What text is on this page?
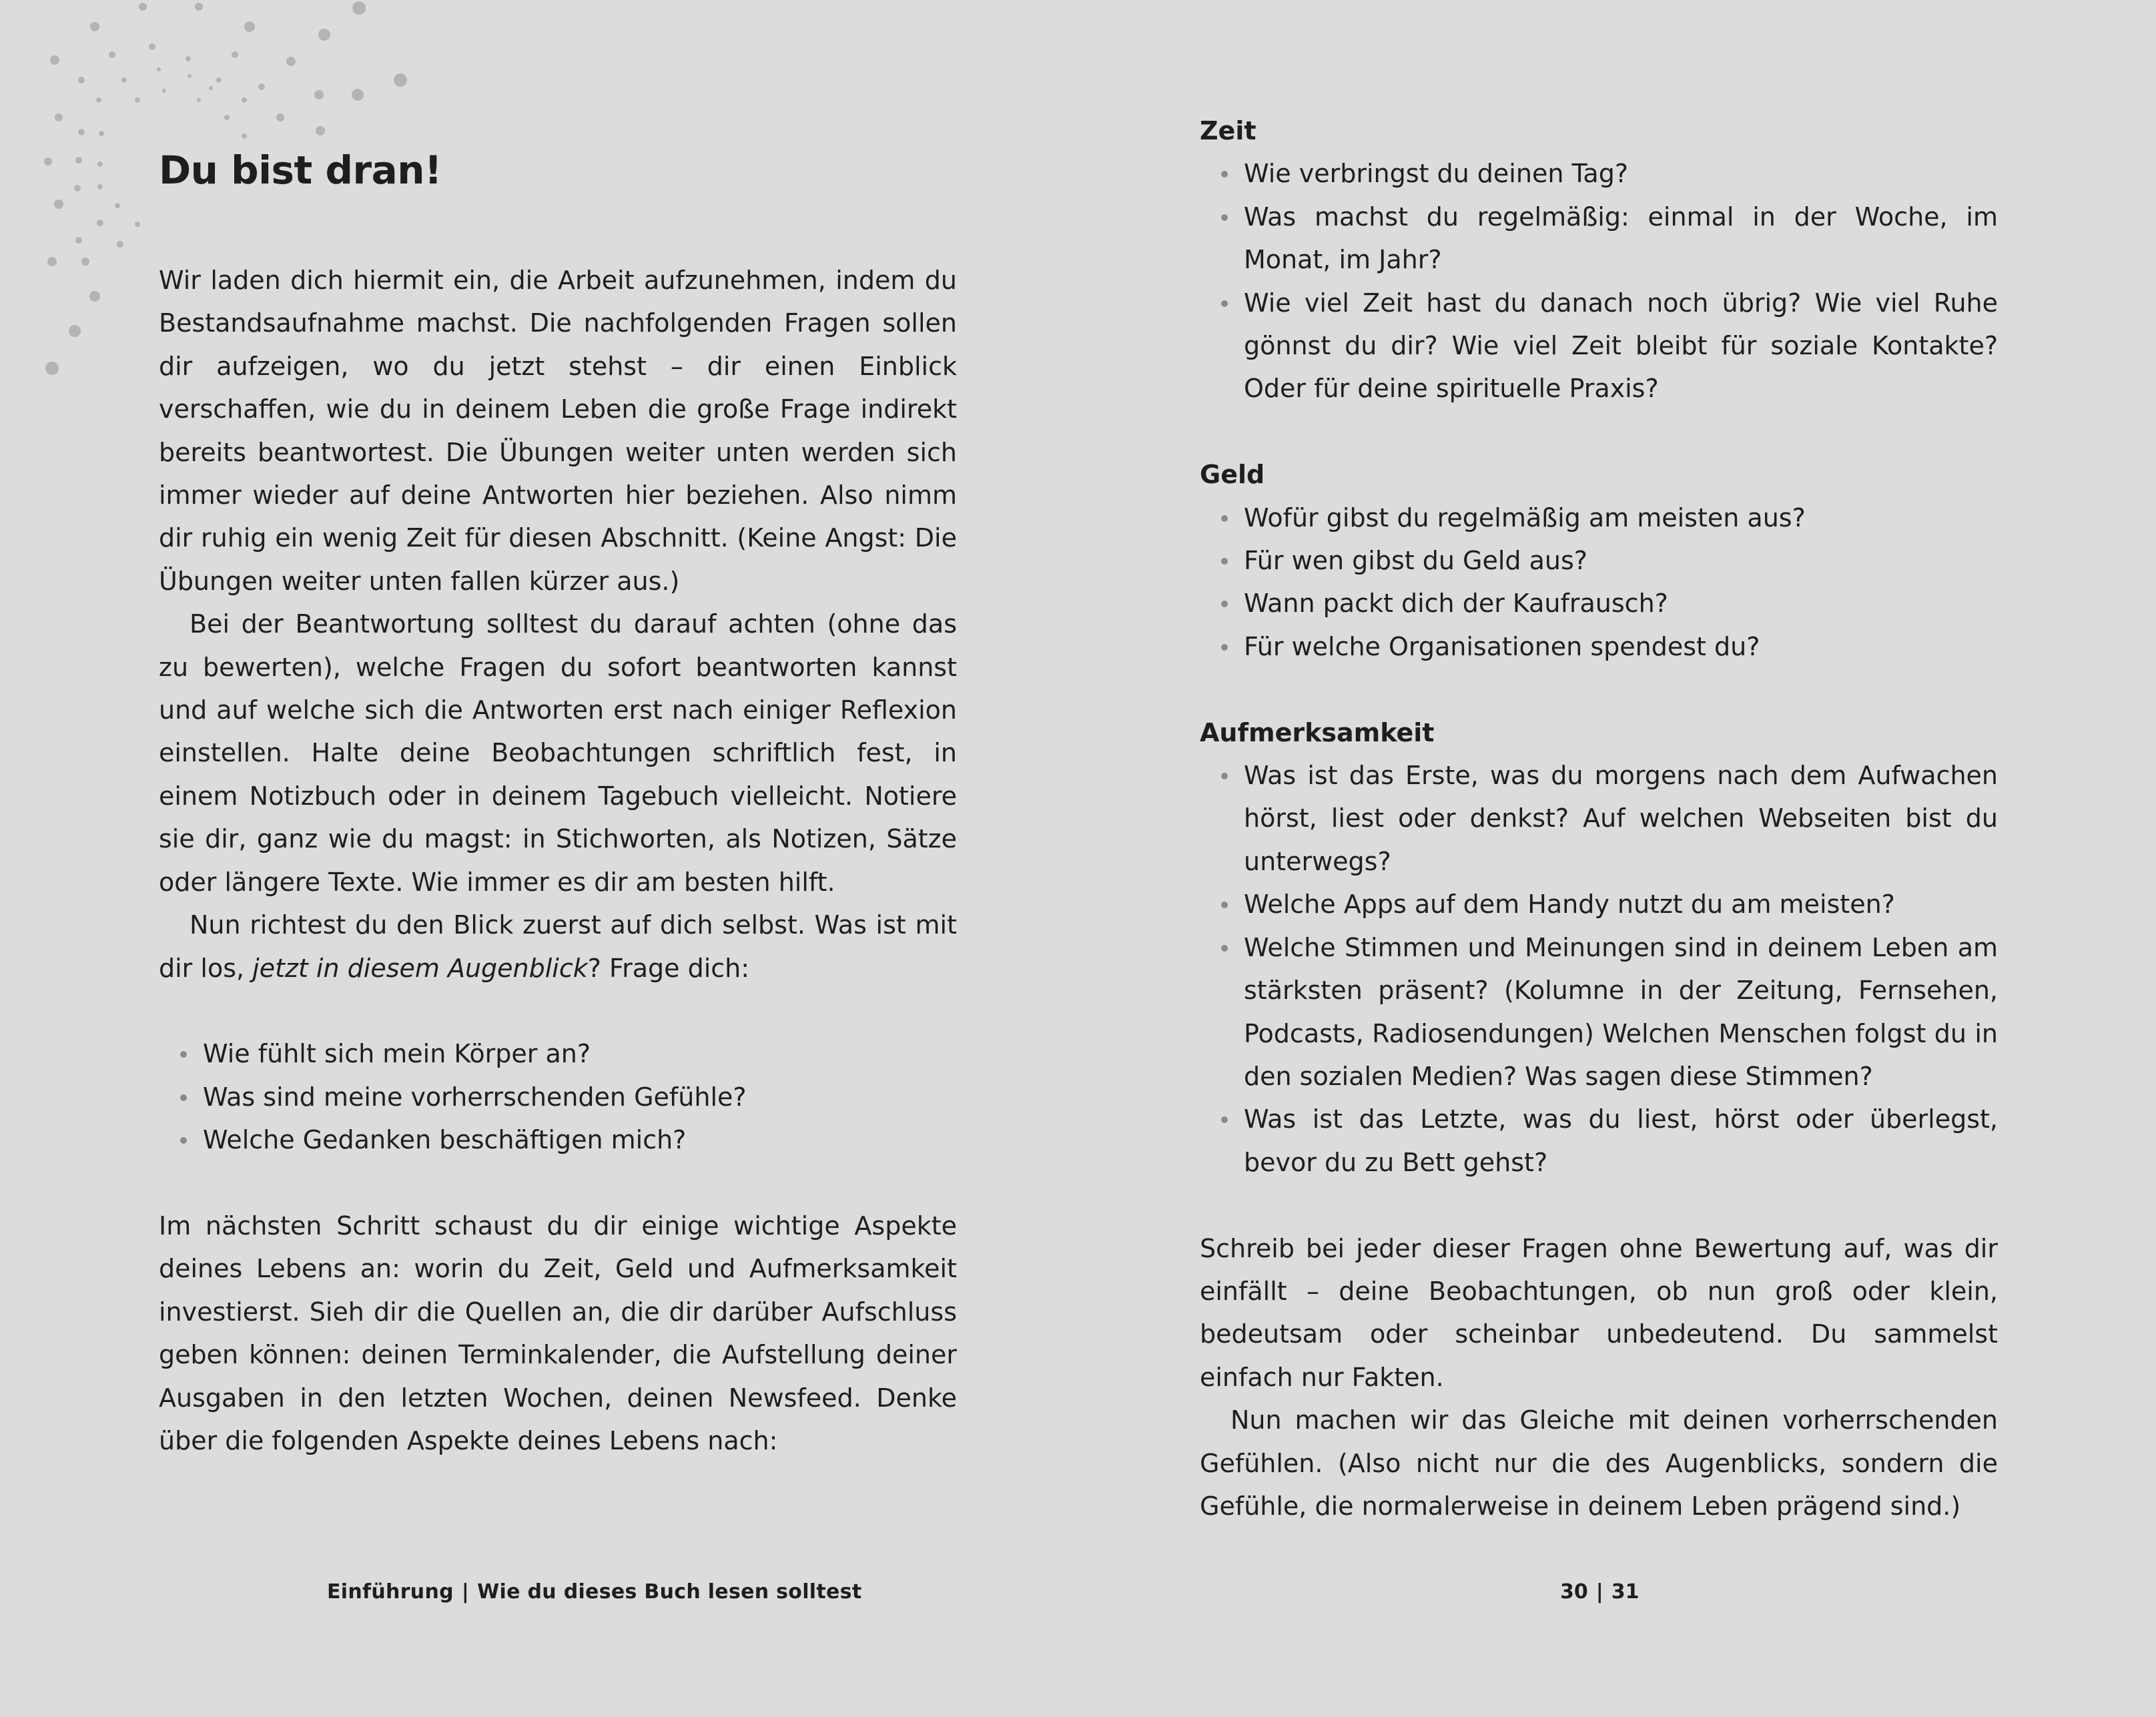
Du bist dran!

Wir laden dich hiermit ein, die Arbeit aufzunehmen, indem du Bestandsaufnahme machst. Die nachfolgenden Fragen sollen dir aufzeigen, wo du jetzt stehst – dir einen Einblick verschaffen, wie du in deinem Leben die große Frage indirekt bereits beantwortest. Die Übungen weiter unten werden sich immer wieder auf deine Antworten hier beziehen. Also nimm dir ruhig ein wenig Zeit für diesen Abschnitt. (Keine Angst: Die Übungen weiter unten fallen kürzer aus.)

Bei der Beantwortung solltest du darauf achten (ohne das zu bewerten), welche Fragen du sofort beantworten kannst und auf welche sich die Antworten erst nach einiger Reflexion einstellen. Halte deine Beobachtungen schriftlich fest, in einem Notizbuch oder in deinem Tagebuch vielleicht. Notiere sie dir, ganz wie du magst: in Stichworten, als Notizen, Sätze oder längere Texte. Wie immer es dir am besten hilft.

Nun richtest du den Blick zuerst auf dich selbst. Was ist mit dir los, jetzt in diesem Augenblick? Frage dich:

Wie fühlt sich mein Körper an?
Was sind meine vorherrschenden Gefühle?
Welche Gedanken beschäftigen mich?

Im nächsten Schritt schaust du dir einige wichtige Aspekte deines Lebens an: worin du Zeit, Geld und Aufmerksamkeit investierst. Sieh dir die Quellen an, die dir darüber Aufschluss geben können: deinen Terminkalender, die Aufstellung deiner Ausgaben in den letzten Wochen, deinen Newsfeed. Denke über die folgenden Aspekte deines Lebens nach:

Zeit

Wie verbringst du deinen Tag?
Was machst du regelmäßig: einmal in der Woche, im Monat, im Jahr?
Wie viel Zeit hast du danach noch übrig? Wie viel Ruhe gönnst du dir? Wie viel Zeit bleibt für soziale Kontakte? Oder für deine spirituelle Praxis?

Geld

Wofür gibst du regelmäßig am meisten aus?
Für wen gibst du Geld aus?
Wann packt dich der Kaufrausch?
Für welche Organisationen spendest du?

Aufmerksamkeit

Was ist das Erste, was du morgens nach dem Aufwachen hörst, liest oder denkst? Auf welchen Webseiten bist du unterwegs?
Welche Apps auf dem Handy nutzt du am meisten?
Welche Stimmen und Meinungen sind in deinem Leben am stärksten präsent? (Kolumne in der Zeitung, Fernsehen, Podcasts, Radiosendungen) Welchen Menschen folgst du in den sozialen Medien? Was sagen diese Stimmen?
Was ist das Letzte, was du liest, hörst oder überlegst, bevor du zu Bett gehst?

Schreib bei jeder dieser Fragen ohne Bewertung auf, was dir einfällt – deine Beobachtungen, ob nun groß oder klein, bedeutsam oder scheinbar unbedeutend. Du sammelst einfach nur Fakten.

Nun machen wir das Gleiche mit deinen vorherrschenden Gefühlen. (Also nicht nur die des Augenblicks, sondern die Gefühle, die normalerweise in deinem Leben prägend sind.)

Einführung | Wie du dieses Buch lesen solltest	30 | 31
